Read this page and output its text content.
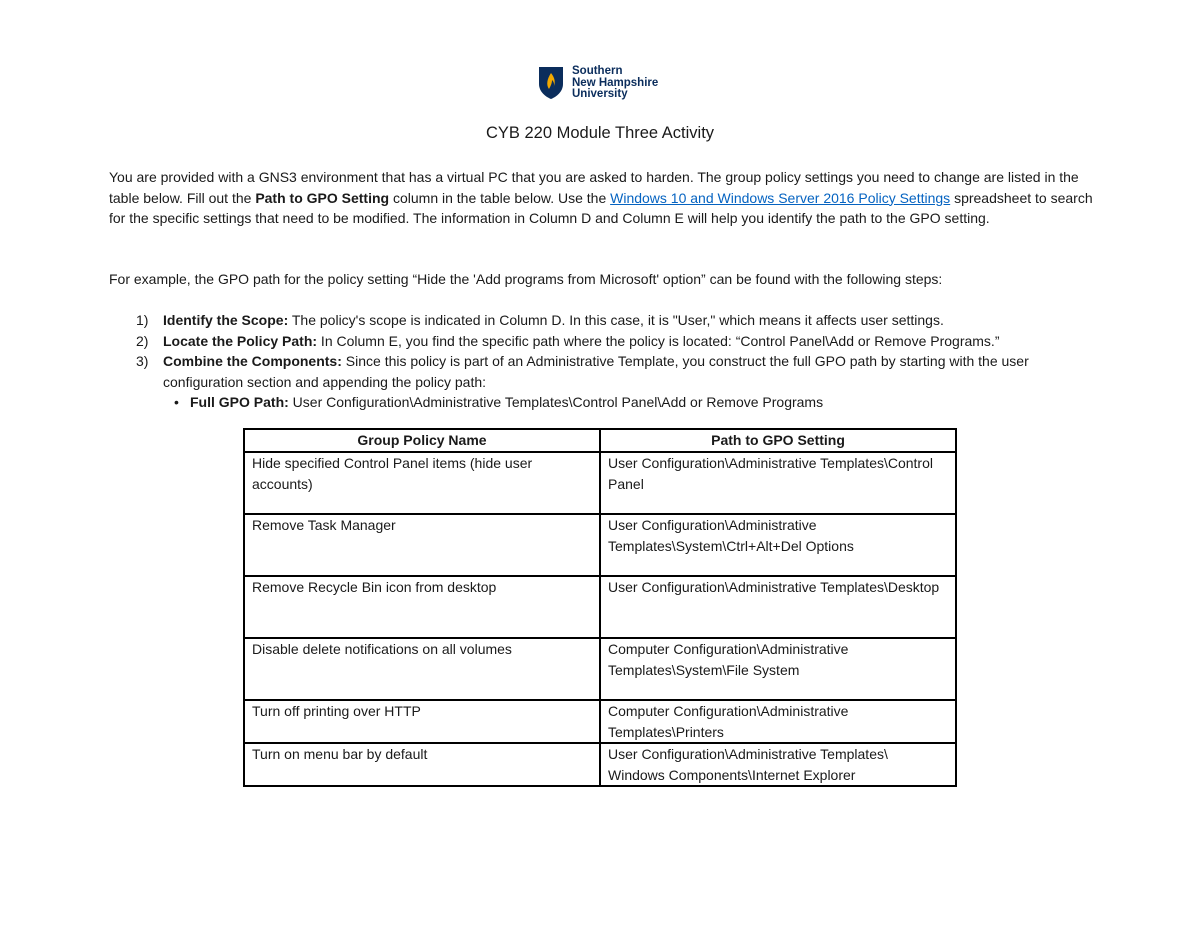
Southern
New Hampshire
University
CYB 220 Module Three Activity
You are provided with a GNS3 environment that has a virtual PC that you are asked to harden. The group policy settings you need to change are listed in the table below. Fill out the Path to GPO Setting column in the table below. Use the Windows 10 and Windows Server 2016 Policy Settings spreadsheet to search for the specific settings that need to be modified. The information in Column D and Column E will help you identify the path to the GPO setting.
For example, the GPO path for the policy setting “Hide the 'Add programs from Microsoft' option” can be found with the following steps:
1)	Identify the Scope: The policy's scope is indicated in Column D. In this case, it is "User," which means it affects user settings.
2)	Locate the Policy Path: In Column E, you find the specific path where the policy is located: “Control Panel\Add or Remove Programs.”
3)	Combine the Components: Since this policy is part of an Administrative Template, you construct the full GPO path by starting with the user configuration section and appending the policy path:
• Full GPO Path: User Configuration\Administrative Templates\Control Panel\Add or Remove Programs
Group Policy Name	Path to GPO Setting
Hide specified Control Panel items (hide user accounts)	User Configuration\Administrative Templates\Control Panel
Remove Task Manager	User Configuration\Administrative Templates\System\Ctrl+Alt+Del Options
Remove Recycle Bin icon from desktop	User Configuration\Administrative Templates\Desktop
Disable delete notifications on all volumes	Computer Configuration\Administrative Templates\System\File System
Turn off printing over HTTP	Computer Configuration\Administrative Templates\Printers
Turn on menu bar by default	User Configuration\Administrative Templates\ Windows Components\Internet Explorer
